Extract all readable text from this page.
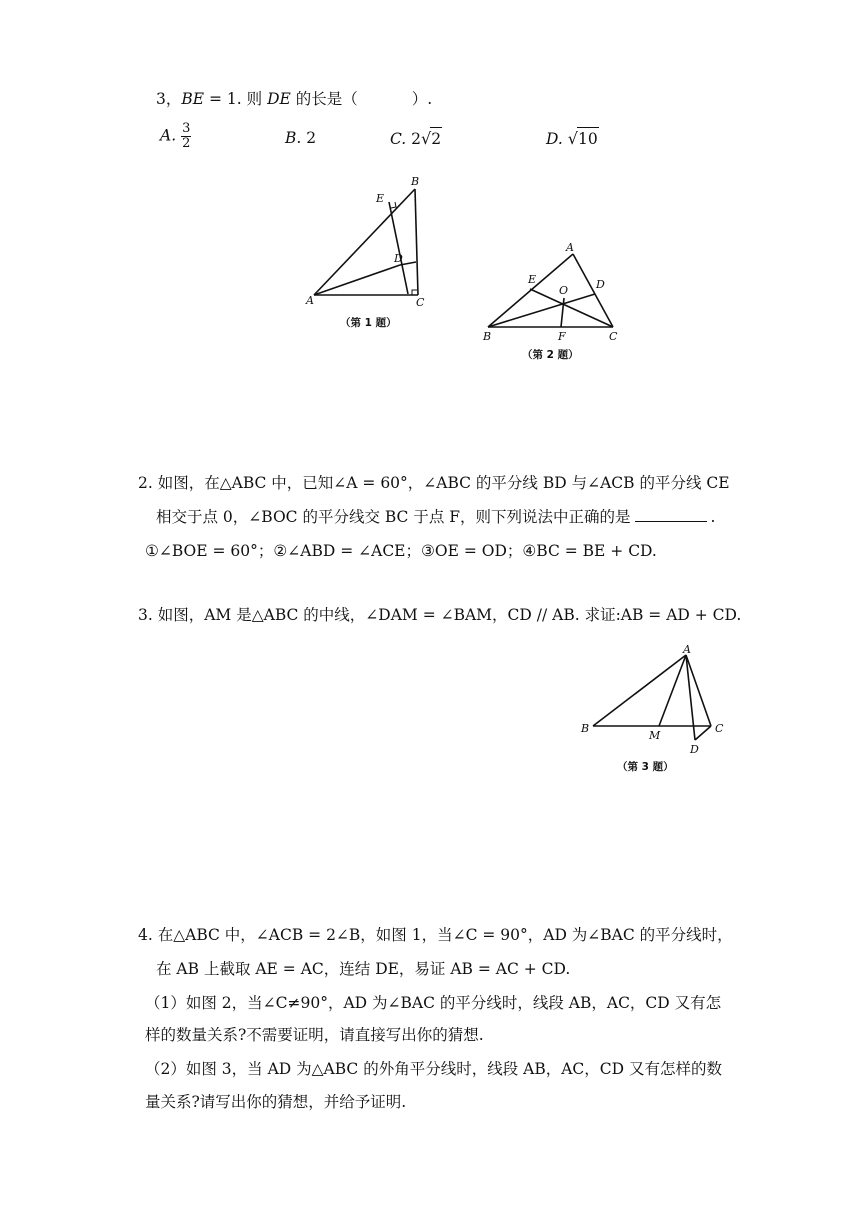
3，BE = 1. 则 DE 的长是（	）.
A. $\frac{3}{2}$	B. 2	C. 2√2	D. √10
A
B
C
D
E
（第 1 题）
A
B	C
D
E
F
O
（第 2 题）
2. 如图，在△ABC 中，已知∠A = 60°，∠ABC 的平分线 BD 与∠ACB 的平分线 CE
相交于点 0，∠BOC 的平分线交 BC 于点 F，则下列说法中正确的是	.
①∠BOE = 60°；②∠ABD = ∠ACE；③OE = OD；④BC = BE + CD.
3. 如图，AM 是△ABC 的中线，∠DAM = ∠BAM，CD // AB. 求证:AB = AD + CD.
A
B	C
D
M
（第 3 题）
4. 在△ABC 中，∠ACB = 2∠B，如图 1，当∠C = 90°，AD 为∠BAC 的平分线时，
在 AB 上截取 AE = AC，连结 DE，易证 AB = AC + CD.
（1）如图 2，当∠C≠90°，AD 为∠BAC 的平分线时，线段 AB，AC，CD 又有怎
样的数量关系?不需要证明，请直接写出你的猜想.
（2）如图 3，当 AD 为△ABC 的外角平分线时，线段 AB，AC，CD 又有怎样的数
量关系?请写出你的猜想，并给予证明.
